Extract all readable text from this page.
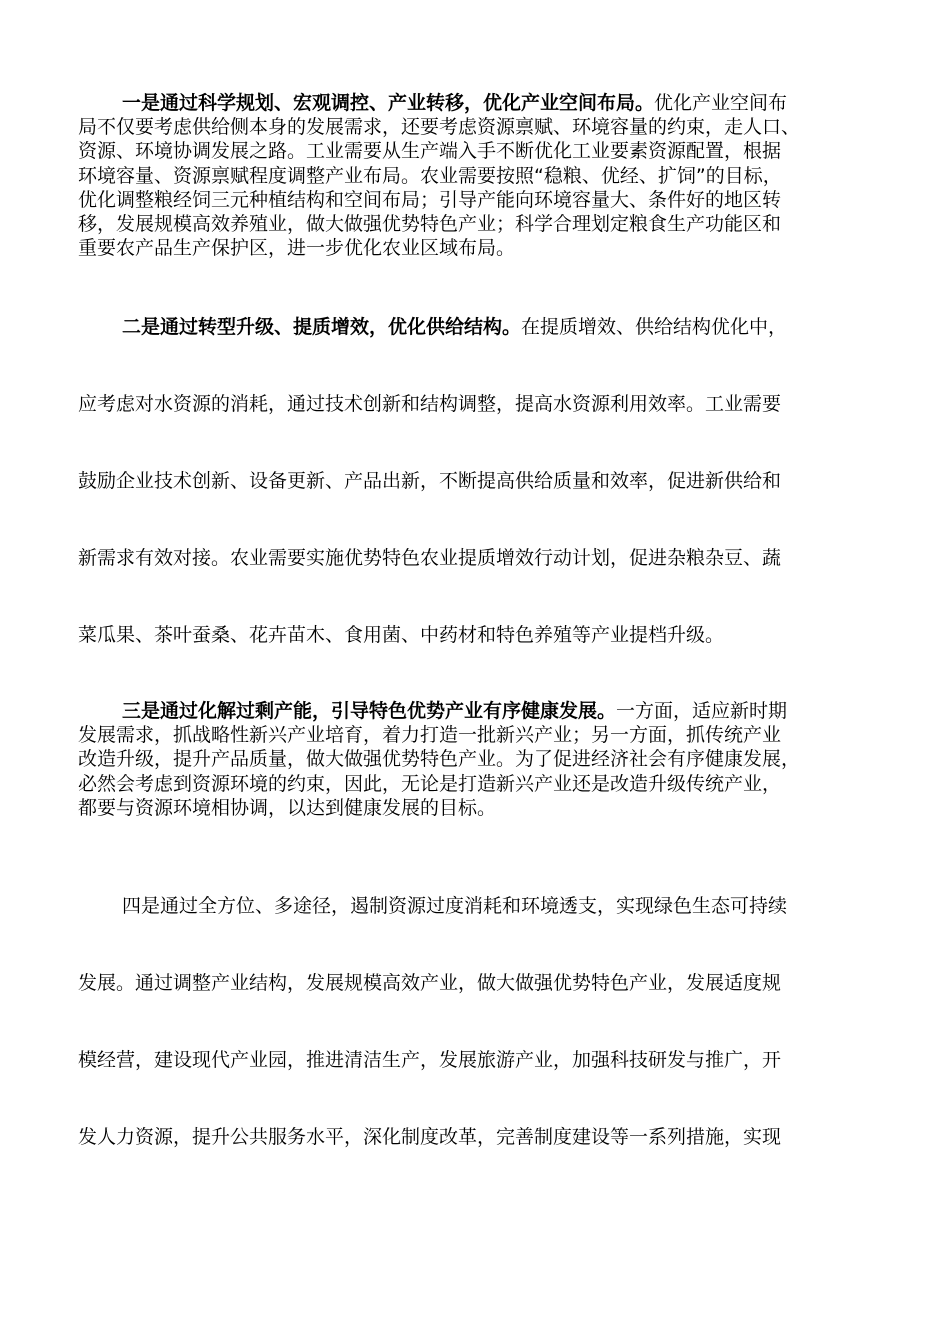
一是通过科学规划、宏观调控、产业转移，优化产业空间布局。优化产业空间布
局不仅要考虑供给侧本身的发展需求，还要考虑资源禀赋、环境容量的约束，走人口、
资源、环境协调发展之路。工业需要从生产端入手不断优化工业要素资源配置，根据
环境容量、资源禀赋程度调整产业布局。农业需要按照“稳粮、优经、扩饲”的目标，
优化调整粮经饲三元种植结构和空间布局；引导产能向环境容量大、条件好的地区转
移，发展规模高效养殖业，做大做强优势特色产业；科学合理划定粮食生产功能区和
重要农产品生产保护区，进一步优化农业区域布局。
二是通过转型升级、提质增效，优化供给结构。在提质增效、供给结构优化中，
应考虑对水资源的消耗，通过技术创新和结构调整，提高水资源利用效率。工业需要
鼓励企业技术创新、设备更新、产品出新，不断提高供给质量和效率，促进新供给和
新需求有效对接。农业需要实施优势特色农业提质增效行动计划，促进杂粮杂豆、蔬
菜瓜果、茶叶蚕桑、花卉苗木、食用菌、中药材和特色养殖等产业提档升级。
三是通过化解过剩产能，引导特色优势产业有序健康发展。一方面，适应新时期
发展需求，抓战略性新兴产业培育，着力打造一批新兴产业；另一方面，抓传统产业
改造升级，提升产品质量，做大做强优势特色产业。为了促进经济社会有序健康发展，
必然会考虑到资源环境的约束，因此，无论是打造新兴产业还是改造升级传统产业，
都要与资源环境相协调，以达到健康发展的目标。
四是通过全方位、多途径，遏制资源过度消耗和环境透支，实现绿色生态可持续
发展。通过调整产业结构，发展规模高效产业，做大做强优势特色产业，发展适度规
模经营，建设现代产业园，推进清洁生产，发展旅游产业，加强科技研发与推广，开
发人力资源，提升公共服务水平，深化制度改革，完善制度建设等一系列措施，实现
